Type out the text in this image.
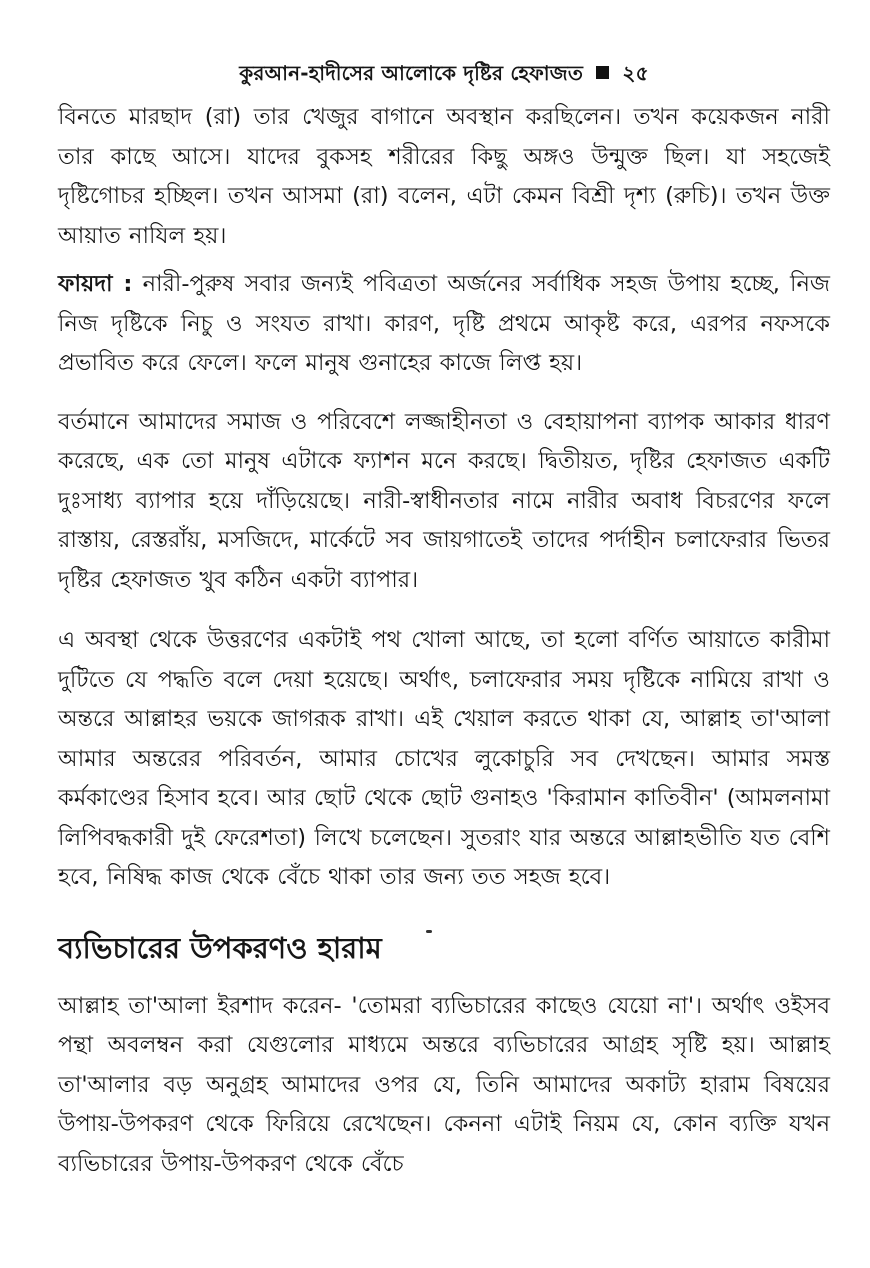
কুরআন-হাদীসের আলোকে দৃষ্টির হেফাজত ২৫

বিনতে মারছাদ (রা) তার খেজুর বাগানে অবস্থান করছিলেন। তখন কয়েকজন নারী তার কাছে আসে। যাদের বুকসহ শরীরের কিছু অঙ্গও উন্মুক্ত ছিল। যা সহজেই দৃষ্টিগোচর হচ্ছিল। তখন আসমা (রা) বলেন, এটা কেমন বিশ্রী দৃশ্য (রুচি)। তখন উক্ত আয়াত নাযিল হয়।

ফায়দা : নারী-পুরুষ সবার জন্যই পবিত্রতা অর্জনের সর্বাধিক সহজ উপায় হচ্ছে, নিজ নিজ দৃষ্টিকে নিচু ও সংযত রাখা। কারণ, দৃষ্টি প্রথমে আকৃষ্ট করে, এরপর নফসকে প্রভাবিত করে ফেলে। ফলে মানুষ গুনাহের কাজে লিপ্ত হয়।

বর্তমানে আমাদের সমাজ ও পরিবেশে লজ্জাহীনতা ও বেহায়াপনা ব্যাপক আকার ধারণ করেছে, এক তো মানুষ এটাকে ফ্যাশন মনে করছে। দ্বিতীয়ত, দৃষ্টির হেফাজত একটি দুঃসাধ্য ব্যাপার হয়ে দাঁড়িয়েছে। নারী-স্বাধীনতার নামে নারীর অবাধ বিচরণের ফলে রাস্তায়, রেস্তরাঁয়, মসজিদে, মার্কেটে সব জায়গাতেই তাদের পর্দাহীন চলাফেরার ভিতর দৃষ্টির হেফাজত খুব কঠিন একটা ব্যাপার।

এ অবস্থা থেকে উত্তরণের একটাই পথ খোলা আছে, তা হলো বর্ণিত আয়াতে কারীমা দুটিতে যে পদ্ধতি বলে দেয়া হয়েছে। অর্থাৎ, চলাফেরার সময় দৃষ্টিকে নামিয়ে রাখা ও অন্তরে আল্লাহর ভয়কে জাগরূক রাখা। এই খেয়াল করতে থাকা যে, আল্লাহ তা'আলা আমার অন্তরের পরিবর্তন, আমার চোখের লুকোচুরি সব দেখছেন। আমার সমস্ত কর্মকাণ্ডের হিসাব হবে। আর ছোট থেকে ছোট গুনাহও 'কিরামান কাতিবীন' (আমলনামা লিপিবদ্ধকারী দুই ফেরেশতা) লিখে চলেছেন। সুতরাং যার অন্তরে আল্লাহভীতি যত বেশি হবে, নিষিদ্ধ কাজ থেকে বেঁচে থাকা তার জন্য তত সহজ হবে।

ব্যভিচারের উপকরণও হারাম

আল্লাহ তা'আলা ইরশাদ করেন- 'তোমরা ব্যভিচারের কাছেও যেয়ো না'। অর্থাৎ ওইসব পন্থা অবলম্বন করা যেগুলোর মাধ্যমে অন্তরে ব্যভিচারের আগ্রহ সৃষ্টি হয়। আল্লাহ তা'আলার বড় অনুগ্রহ আমাদের ওপর যে, তিনি আমাদের অকাট্য হারাম বিষয়ের উপায়-উপকরণ থেকে ফিরিয়ে রেখেছেন। কেননা এটাই নিয়ম যে, কোন ব্যক্তি যখন ব্যভিচারের উপায়-উপকরণ থেকে বেঁচে
